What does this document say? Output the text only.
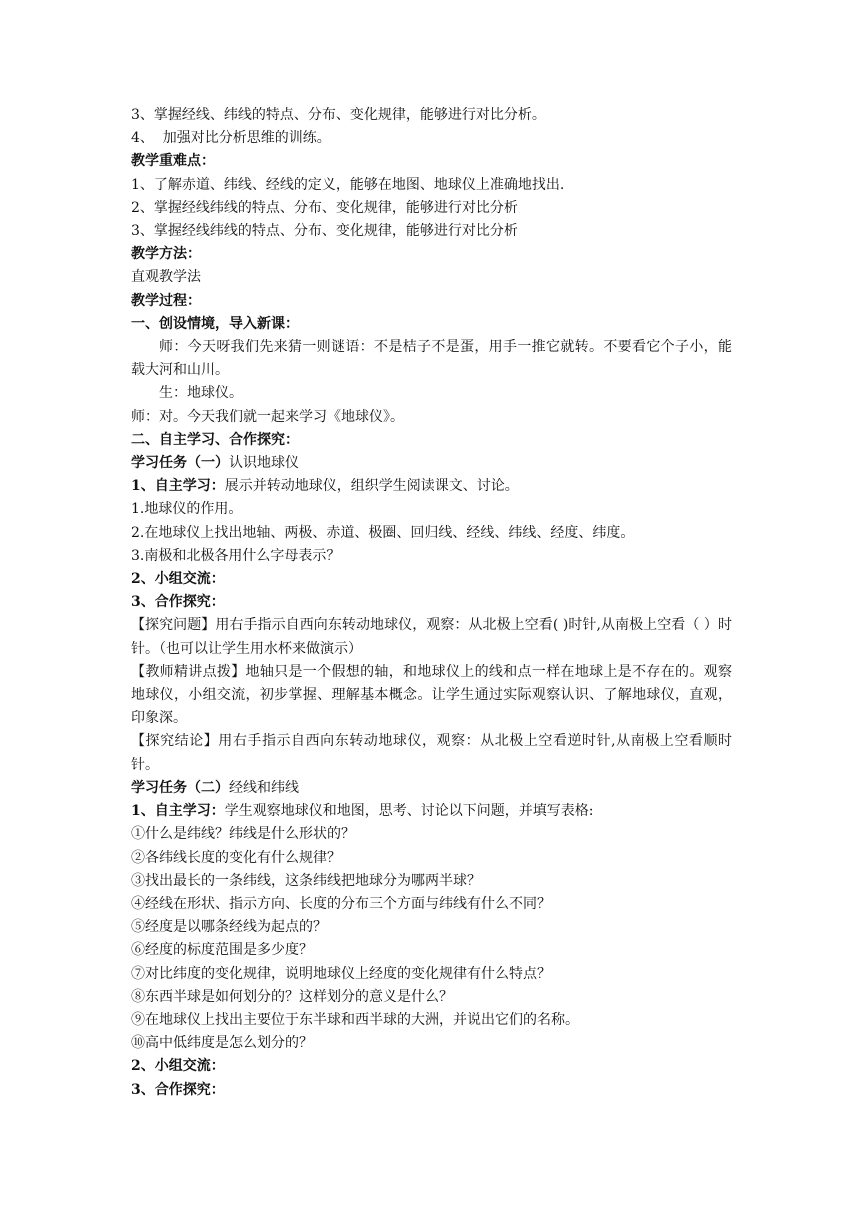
3、掌握经线、纬线的特点、分布、变化规律，能够进行对比分析。

4、  加强对比分析思维的训练。

教学重难点：

1、了解赤道、纬线、经线的定义，能够在地图、地球仪上准确地找出.

2、掌握经线纬线的特点、分布、变化规律，能够进行对比分析

3、掌握经线纬线的特点、分布、变化规律，能够进行对比分析

教学方法：

直观教学法

教学过程：

一、创设情境，导入新课：

师：今天呀我们先来猜一则谜语：不是桔子不是蛋，用手一推它就转。不要看它个子小，能载大河和山川。

生：地球仪。

师：对。今天我们就一起来学习《地球仪》。

二、自主学习、合作探究：

学习任务（一）认识地球仪

1、自主学习：展示并转动地球仪，组织学生阅读课文、讨论。

1.地球仪的作用。

2.在地球仪上找出地轴、两极、赤道、极圈、回归线、经线、纬线、经度、纬度。

3.南极和北极各用什么字母表示？

2、小组交流：

3、合作探究：

【探究问题】用右手指示自西向东转动地球仪，观察：从北极上空看( )时针,从南极上空看（ ）时针。（也可以让学生用水杯来做演示）

【教师精讲点拨】地轴只是一个假想的轴，和地球仪上的线和点一样在地球上是不存在的。观察地球仪，小组交流，初步掌握、理解基本概念。让学生通过实际观察认识、了解地球仪，直观，印象深。

【探究结论】用右手指示自西向东转动地球仪，观察：从北极上空看逆时针,从南极上空看顺时针。

学习任务（二）经线和纬线

1、自主学习：学生观察地球仪和地图，思考、讨论以下问题，并填写表格:

①什么是纬线？纬线是什么形状的？

②各纬线长度的变化有什么规律？

③找出最长的一条纬线，这条纬线把地球分为哪两半球？

④经线在形状、指示方向、长度的分布三个方面与纬线有什么不同？

⑤经度是以哪条经线为起点的？

⑥经度的标度范围是多少度？

⑦对比纬度的变化规律，说明地球仪上经度的变化规律有什么特点？

⑧东西半球是如何划分的？这样划分的意义是什么？

⑨在地球仪上找出主要位于东半球和西半球的大洲，并说出它们的名称。

⑩高中低纬度是怎么划分的？

2、小组交流：

3、合作探究：
